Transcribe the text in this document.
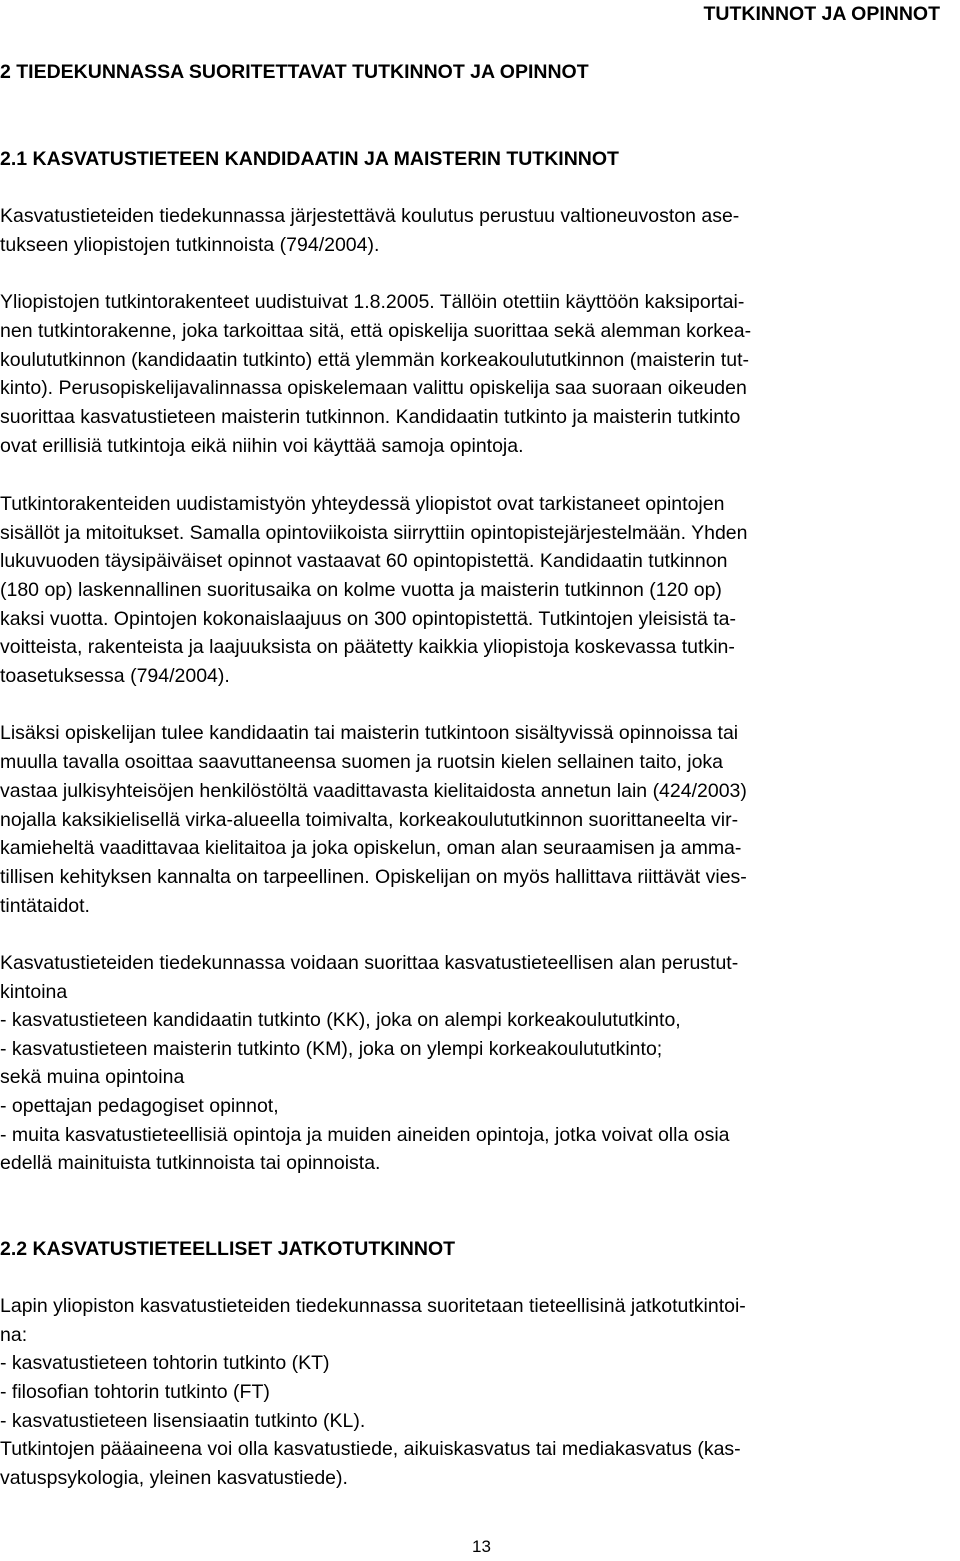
TUTKINNOT JA OPINNOT
2 TIEDEKUNNASSA SUORITETTAVAT TUTKINNOT JA OPINNOT
2.1 KASVATUSTIETEEN KANDIDAATIN JA MAISTERIN TUTKINNOT
Kasvatustieteiden tiedekunnassa järjestettävä koulutus perustuu valtioneuvoston ase-
tukseen yliopistojen tutkinnoista (794/2004).
Yliopistojen tutkintorakenteet uudistuivat 1.8.2005. Tällöin otettiin käyttöön kaksiportai-
nen tutkintorakenne, joka tarkoittaa sitä, että opiskelija suorittaa sekä alemman korkea-
koulututkinnon (kandidaatin tutkinto) että ylemmän korkeakoulututkinnon (maisterin tut-
kinto). Perusopiskelijavalinnassa opiskelemaan valittu opiskelija saa suoraan oikeuden
suorittaa kasvatustieteen maisterin tutkinnon. Kandidaatin tutkinto ja maisterin tutkinto
ovat erillisiä tutkintoja eikä niihin voi käyttää samoja opintoja.
Tutkintorakenteiden uudistamistyön yhteydessä yliopistot ovat tarkistaneet opintojen
sisällöt ja mitoitukset. Samalla opintoviikoista siirryttiin opintopistejärjestelmään. Yhden
lukuvuoden täysipäiväiset opinnot vastaavat 60 opintopistettä. Kandidaatin tutkinnon
(180 op) laskennallinen suoritusaika on kolme vuotta ja maisterin tutkinnon (120 op)
kaksi vuotta. Opintojen kokonaislaajuus on 300 opintopistettä. Tutkintojen yleisistä ta-
voitteista, rakenteista ja laajuuksista on päätetty kaikkia yliopistoja koskevassa tutkin-
toasetuksessa (794/2004).
Lisäksi opiskelijan tulee kandidaatin tai maisterin tutkintoon sisältyvissä opinnoissa tai
muulla tavalla osoittaa saavuttaneensa suomen ja ruotsin kielen sellainen taito, joka
vastaa julkisyhteisöjen henkilöstöltä vaadittavasta kielitaidosta annetun lain (424/2003)
nojalla kaksikielisellä virka-alueella toimivalta, korkeakoulututkinnon suorittaneelta vir-
kamieheltä vaadittavaa kielitaitoa ja joka opiskelun, oman alan seuraamisen ja amma-
tillisen kehityksen kannalta on tarpeellinen. Opiskelijan on myös hallittava riittävät vies-
tintätaidot.
Kasvatustieteiden tiedekunnassa voidaan suorittaa kasvatustieteellisen alan perustut-
kintoina
- kasvatustieteen kandidaatin tutkinto (KK), joka on alempi korkeakoulututkinto,
- kasvatustieteen maisterin tutkinto (KM), joka on ylempi korkeakoulututkinto;
sekä muina opintoina
- opettajan pedagogiset opinnot,
- muita kasvatustieteellisiä opintoja ja muiden aineiden opintoja, jotka voivat olla osia
edellä mainituista tutkinnoista tai opinnoista.
2.2 KASVATUSTIETEELLISET JATKOTUTKINNOT
Lapin yliopiston kasvatustieteiden tiedekunnassa suoritetaan tieteellisinä jatkotutkintoi-
na:
- kasvatustieteen tohtorin tutkinto (KT)
- filosofian tohtorin tutkinto (FT)
- kasvatustieteen lisensiaatin tutkinto (KL).
Tutkintojen pääaineena voi olla kasvatustiede, aikuiskasvatus tai mediakasvatus (kas-
vatuspsykologia, yleinen kasvatustiede).
13
